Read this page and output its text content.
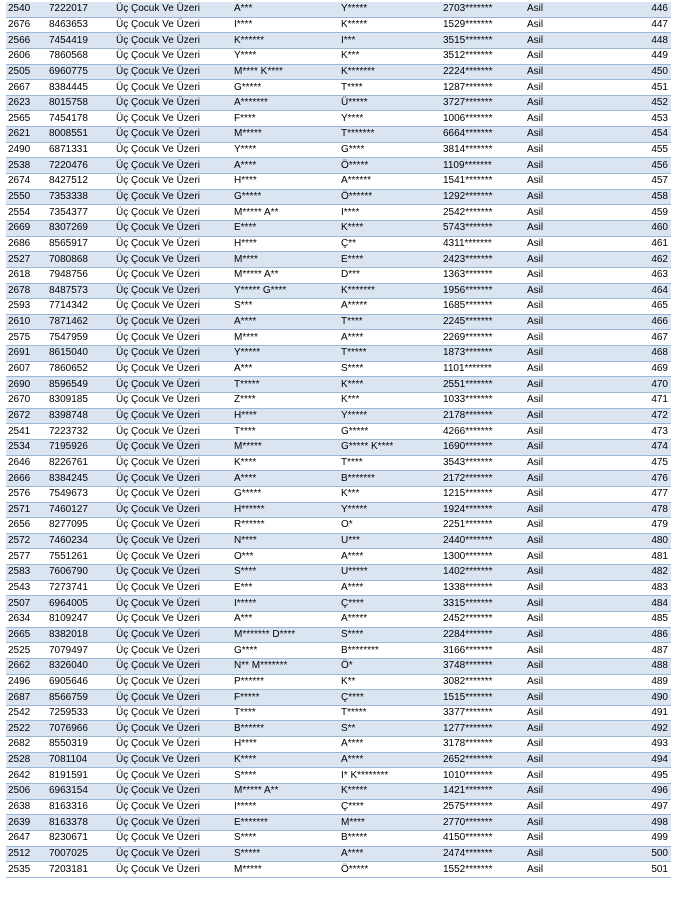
2540	7222017	Üç Çocuk Ve Üzeri	A***	Y*****	2703*******	Asil	446
2676	8463653	Üç Çocuk Ve Üzeri	I****	K*****	1529*******	Asil	447
2566	7454419	Üç Çocuk Ve Üzeri	K******	I***	3515*******	Asil	448
2606	7860568	Üç Çocuk Ve Üzeri	Y****	K***	3512*******	Asil	449
2505	6960775	Üç Çocuk Ve Üzeri	M**** K****	K*******	2224*******	Asil	450
2667	8384445	Üç Çocuk Ve Üzeri	G*****	T****	1287*******	Asil	451
2623	8015758	Üç Çocuk Ve Üzeri	A*******	Ü*****	3727*******	Asil	452
2565	7454178	Üç Çocuk Ve Üzeri	F****	Y****	1006*******	Asil	453
2621	8008551	Üç Çocuk Ve Üzeri	M*****	T*******	6664*******	Asil	454
2490	6871331	Üç Çocuk Ve Üzeri	Y****	G****	3814*******	Asil	455
2538	7220476	Üç Çocuk Ve Üzeri	A****	Ö*****	1109*******	Asil	456
2674	8427512	Üç Çocuk Ve Üzeri	H****	A******	1541*******	Asil	457
2550	7353338	Üç Çocuk Ve Üzeri	G*****	Ö******	1292*******	Asil	458
2554	7354377	Üç Çocuk Ve Üzeri	M***** A**	I****	2542*******	Asil	459
2669	8307269	Üç Çocuk Ve Üzeri	E****	K****	5743*******	Asil	460
2686	8565917	Üç Çocuk Ve Üzeri	H****	Ç**	4311*******	Asil	461
2527	7080868	Üç Çocuk Ve Üzeri	M****	E****	2423*******	Asil	462
2618	7948756	Üç Çocuk Ve Üzeri	M***** A**	D***	1363*******	Asil	463
2678	8487573	Üç Çocuk Ve Üzeri	Y***** G****	K*******	1956*******	Asil	464
2593	7714342	Üç Çocuk Ve Üzeri	S***	A*****	1685*******	Asil	465
2610	7871462	Üç Çocuk Ve Üzeri	A****	T****	2245*******	Asil	466
2575	7547959	Üç Çocuk Ve Üzeri	M****	A****	2269*******	Asil	467
2691	8615040	Üç Çocuk Ve Üzeri	Y*****	T*****	1873*******	Asil	468
2607	7860652	Üç Çocuk Ve Üzeri	A***	S****	1101*******	Asil	469
2690	8596549	Üç Çocuk Ve Üzeri	T*****	K****	2551*******	Asil	470
2670	8309185	Üç Çocuk Ve Üzeri	Z****	K***	1033*******	Asil	471
2672	8398748	Üç Çocuk Ve Üzeri	H****	Y*****	2178*******	Asil	472
2541	7223732	Üç Çocuk Ve Üzeri	T****	G*****	4266*******	Asil	473
2534	7195926	Üç Çocuk Ve Üzeri	M*****	G***** K****	1690*******	Asil	474
2646	8226761	Üç Çocuk Ve Üzeri	K****	T****	3543*******	Asil	475
2666	8384245	Üç Çocuk Ve Üzeri	A****	B*******	2172*******	Asil	476
2576	7549673	Üç Çocuk Ve Üzeri	G*****	K***	1215*******	Asil	477
2571	7460127	Üç Çocuk Ve Üzeri	H******	Y*****	1924*******	Asil	478
2656	8277095	Üç Çocuk Ve Üzeri	R******	O*	2251*******	Asil	479
2572	7460234	Üç Çocuk Ve Üzeri	N****	U***	2440*******	Asil	480
2577	7551261	Üç Çocuk Ve Üzeri	O***	A****	1300*******	Asil	481
2583	7606790	Üç Çocuk Ve Üzeri	S****	U*****	1402*******	Asil	482
2543	7273741	Üç Çocuk Ve Üzeri	E***	A****	1338*******	Asil	483
2507	6964005	Üç Çocuk Ve Üzeri	I*****	Ç****	3315*******	Asil	484
2634	8109247	Üç Çocuk Ve Üzeri	A***	A*****	2452*******	Asil	485
2665	8382018	Üç Çocuk Ve Üzeri	M******* D****	S****	2284*******	Asil	486
2525	7079497	Üç Çocuk Ve Üzeri	G****	B********	3166*******	Asil	487
2662	8326040	Üç Çocuk Ve Üzeri	N** M*******	Ö*	3748*******	Asil	488
2496	6905646	Üç Çocuk Ve Üzeri	P******	K**	3082*******	Asil	489
2687	8566759	Üç Çocuk Ve Üzeri	F*****	Ç****	1515*******	Asil	490
2542	7259533	Üç Çocuk Ve Üzeri	T****	T*****	3377*******	Asil	491
2522	7076966	Üç Çocuk Ve Üzeri	B******	S**	1277*******	Asil	492
2682	8550319	Üç Çocuk Ve Üzeri	H****	A****	3178*******	Asil	493
2528	7081104	Üç Çocuk Ve Üzeri	K****	A****	2652*******	Asil	494
2642	8191591	Üç Çocuk Ve Üzeri	S****	I* K********	1010*******	Asil	495
2506	6963154	Üç Çocuk Ve Üzeri	M***** A**	K*****	1421*******	Asil	496
2638	8163316	Üç Çocuk Ve Üzeri	I*****	Ç****	2575*******	Asil	497
2639	8163378	Üç Çocuk Ve Üzeri	E*******	M****	2770*******	Asil	498
2647	8230671	Üç Çocuk Ve Üzeri	S****	B*****	4150*******	Asil	499
2512	7007025	Üç Çocuk Ve Üzeri	S*****	A****	2474*******	Asil	500
2535	7203181	Üç Çocuk Ve Üzeri	M*****	Ö*****	1552*******	Asil	501
